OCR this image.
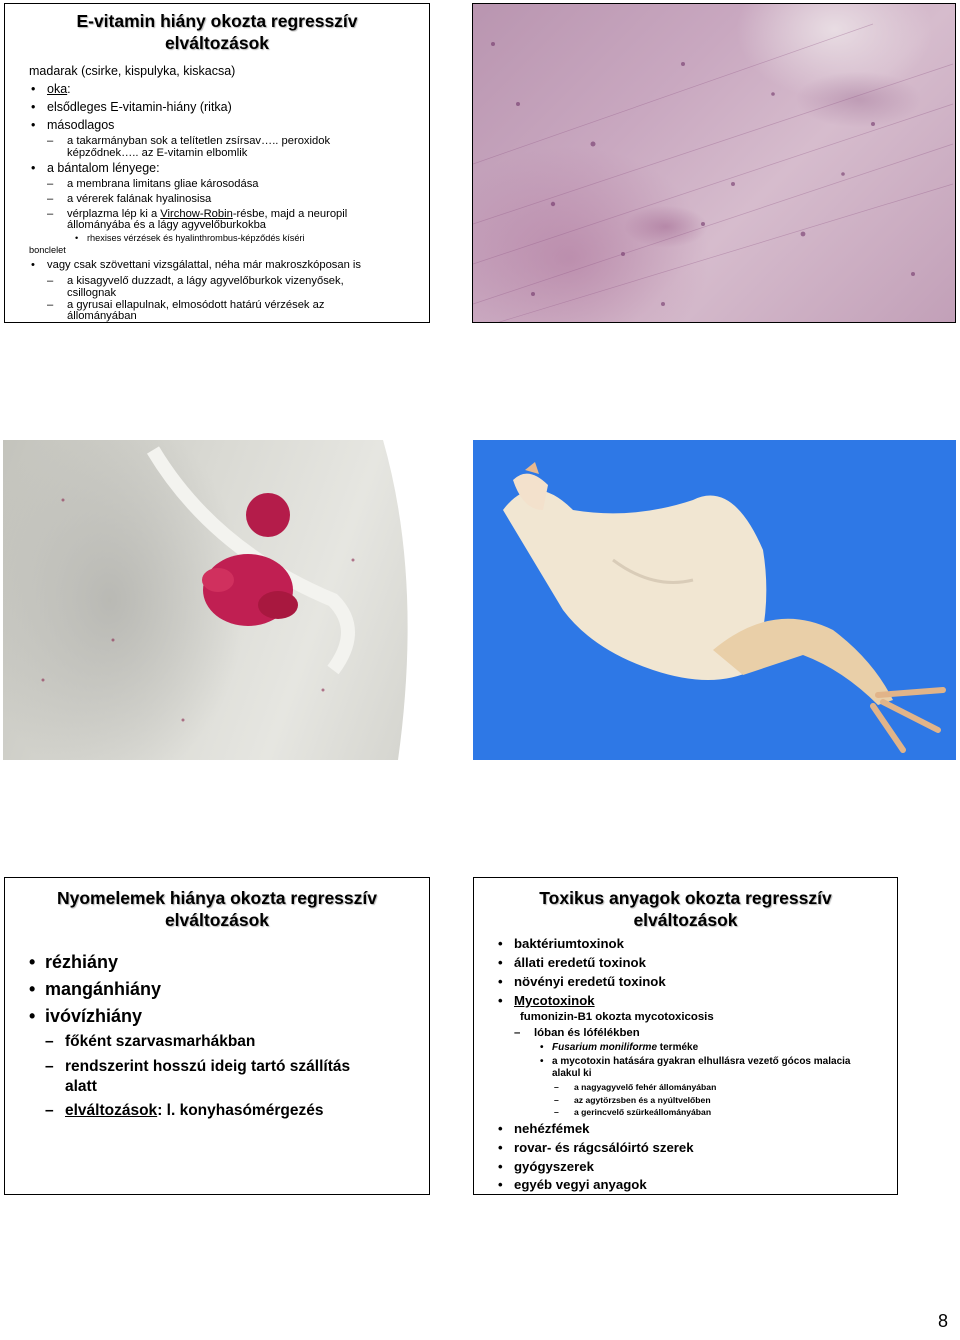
E-vitamin hiány okozta regresszív
elváltozások
madarak (csirke, kispulyka, kiskacsa)
• oka:
• elsődleges E-vitamin-hiány (ritka)
• másodlagos
– a takarmányban sok a telítetlen zsírsav….. peroxidok
képződnek….. az E-vitamin elbomlik
• a bántalom lényege:
– a membrana limitans gliae károsodása
– a vérerek falának hyalinosisa
– vérplazma lép ki a Virchow-Robin-résbe, majd a neuropil
állományába és a lágy agyvelőburkokba
• rhexises vérzések és hyalinthrombus-képződés kíséri
bonclelet
• vagy csak szövettani vizsgálattal, néha már makroszkóposan is
– a kisagyvelő duzzadt, a lágy agyvelőburkok vizenyősek,
csillognak
– a gyrusai ellapulnak, elmosódott határú vérzések az
állományában
Nyomelemek hiánya okozta regresszív
elváltozások
• rézhiány
• mangánhiány
• ivóvízhiány
– főként szarvasmarhákban
– rendszerint hosszú ideig tartó szállítás
alatt
– elváltozások: l. konyhasómérgezés
Toxikus anyagok okozta regresszív
elváltozások
• baktériumtoxinok
• állati eredetű toxinok
• növényi eredetű toxinok
• Mycotoxinok
fumonizin-B1 okozta mycotoxicosis
– lóban és lófélékben
• Fusarium moniliforme terméke
• a mycotoxin hatására gyakran elhullásra vezető gócos malacia
alakul ki
– a nagyagyvelő fehér állományában
– az agytörzsben és a nyúltvelőben
– a gerincvelő szürkeállományában
• nehézfémek
• rovar- és rágcsálóirtó szerek
• gyógyszerek
• egyéb vegyi anyagok
8
